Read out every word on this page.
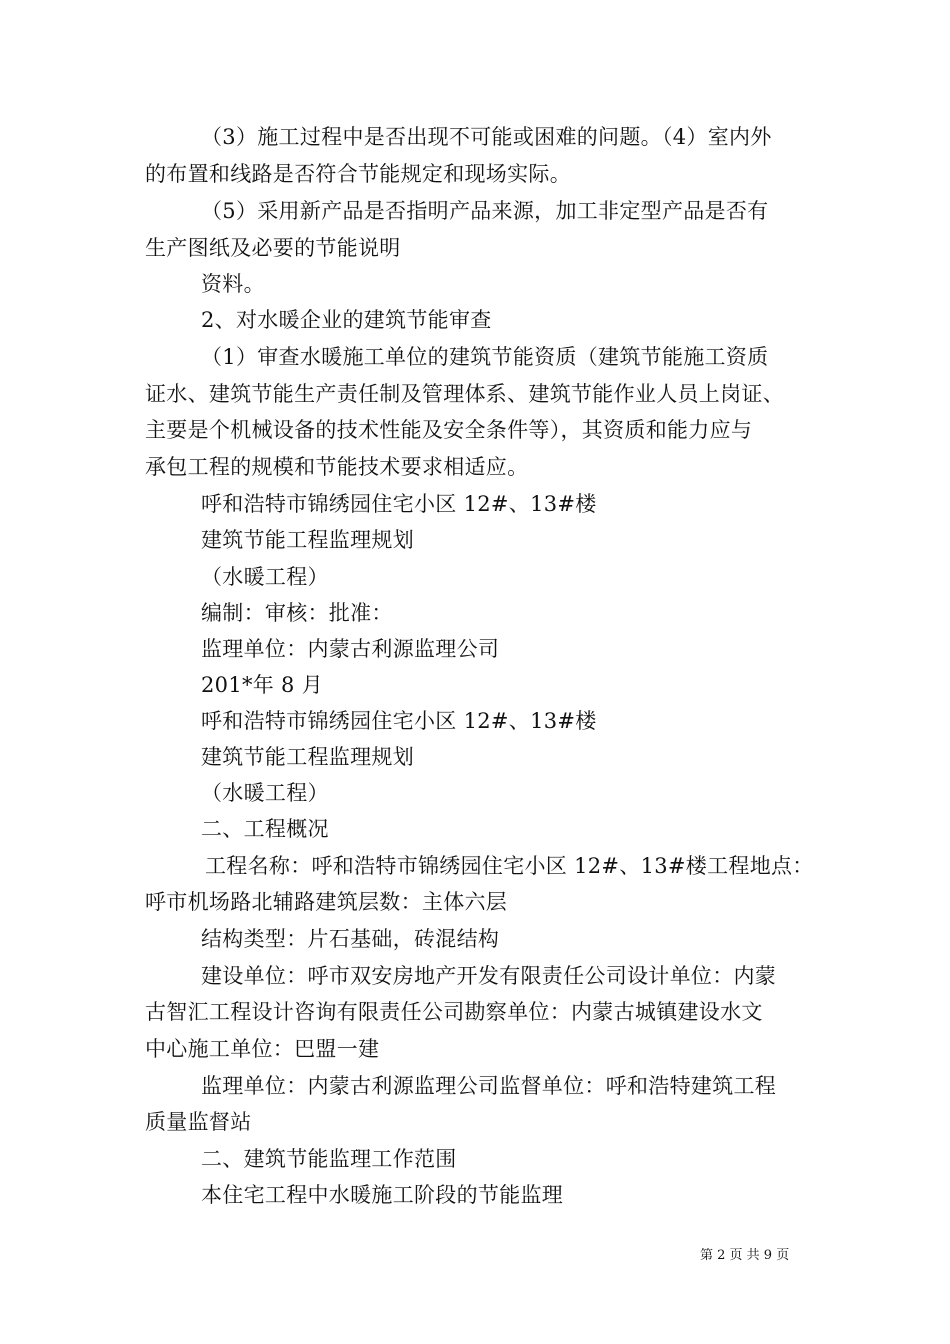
（3）施工过程中是否出现不可能或困难的问题。（4）室内外
的布置和线路是否符合节能规定和现场实际。
（5）采用新产品是否指明产品来源，加工非定型产品是否有
生产图纸及必要的节能说明
资料。
2、对水暖企业的建筑节能审查
（1）审查水暖施工单位的建筑节能资质（建筑节能施工资质
证水、建筑节能生产责任制及管理体系、建筑节能作业人员上岗证、
主要是个机械设备的技术性能及安全条件等），其资质和能力应与
承包工程的规模和节能技术要求相适应。
呼和浩特市锦绣园住宅小区 12#、13#楼
建筑节能工程监理规划
（水暖工程）
编制：审核：批准：
监理单位：内蒙古利源监理公司
201*年 8 月
呼和浩特市锦绣园住宅小区 12#、13#楼
建筑节能工程监理规划
（水暖工程）
二、工程概况
工程名称：呼和浩特市锦绣园住宅小区 12#、13#楼工程地点：
呼市机场路北辅路建筑层数：主体六层
结构类型：片石基础，砖混结构
建设单位：呼市双安房地产开发有限责任公司设计单位：内蒙
古智汇工程设计咨询有限责任公司勘察单位：内蒙古城镇建设水文
中心施工单位：巴盟一建
监理单位：内蒙古利源监理公司监督单位：呼和浩特建筑工程
质量监督站
二、建筑节能监理工作范围
本住宅工程中水暖施工阶段的节能监理
第 2 页 共 9 页
